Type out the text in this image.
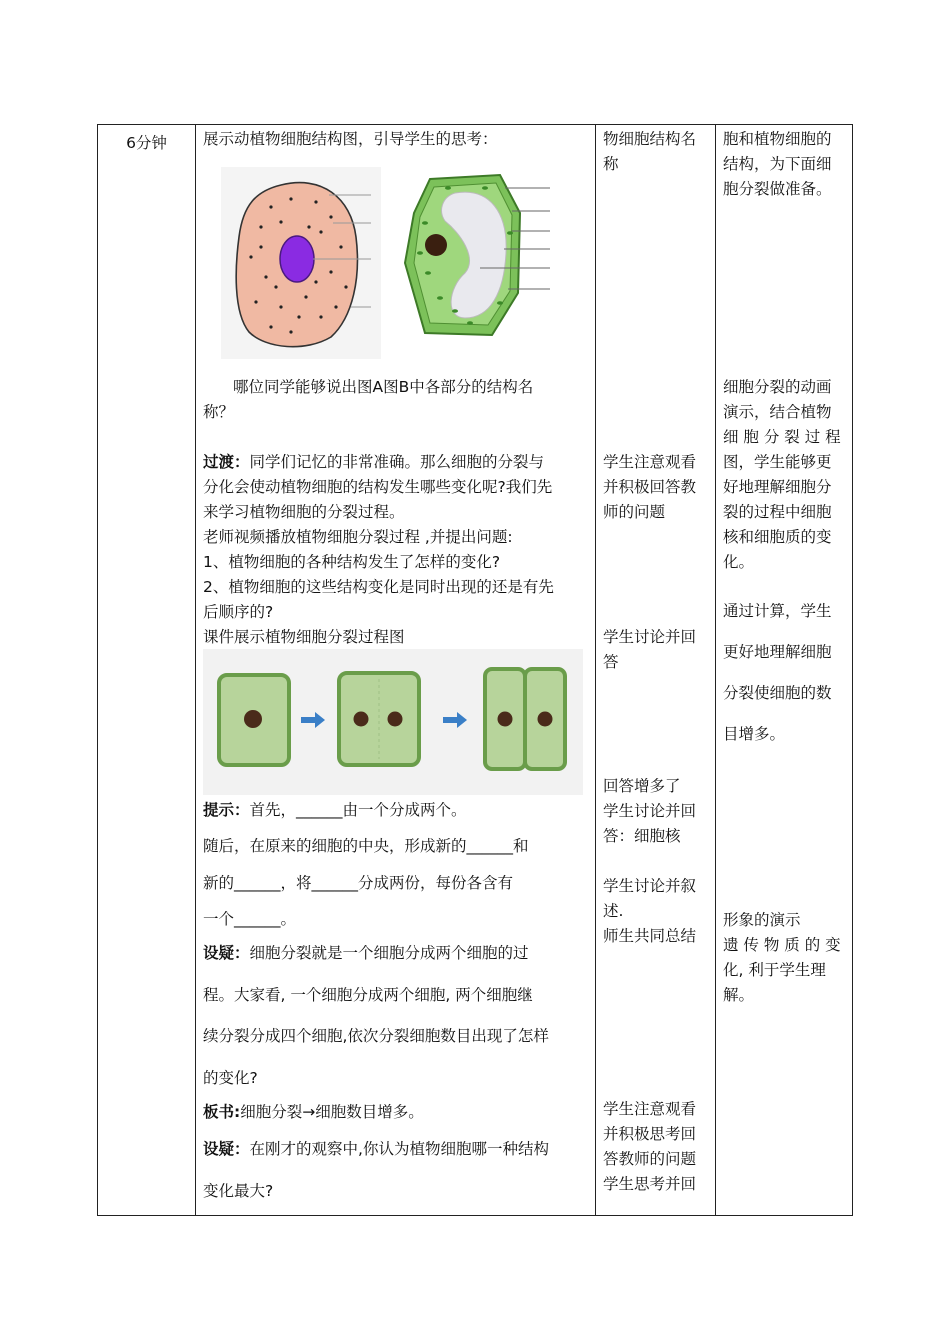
6分钟	展示动植物细胞结构图，引导学生的思考：
哪位同学能够说出图A图B中各部分的结构名
称？
过渡：同学们记忆的非常准确。那么细胞的分裂与
分化会使动植物细胞的结构发生哪些变化呢?我们先
来学习植物细胞的分裂过程。
老师视频播放植物细胞分裂过程 ,并提出问题:
1、植物细胞的各种结构发生了怎样的变化?
2、植物细胞的这些结构变化是同时出现的还是有先
后顺序的?
课件展示植物细胞分裂过程图
提示：首先，______由一个分成两个。
随后，在原来的细胞的中央，形成新的______和
新的______，将______分成两份，每份各含有
一个______。
设疑：细胞分裂就是一个细胞分成两个细胞的过
程。大家看, 一个细胞分成两个细胞, 两个细胞继
续分裂分成四个细胞,依次分裂细胞数目出现了怎样
的变化?
板书:细胞分裂→细胞数目增多。
设疑：在刚才的观察中,你认为植物细胞哪一种结构
变化最大?
物细胞结构名
称
学生注意观看
并积极回答教
师的问题
学生讨论并回
答
回答增多了
学生讨论并回
答：细胞核
学生讨论并叙
述.
师生共同总结
学生注意观看
并积极思考回
答教师的问题
学生思考并回
胞和植物细胞的
结构，为下面细
胞分裂做准备。
细胞分裂的动画
演示，结合植物
细 胞 分 裂 过 程
图，学生能够更
好地理解细胞分
裂的过程中细胞
核和细胞质的变
化。
通过计算，学生
更好地理解细胞
分裂使细胞的数
目增多。
形象的演示
遗 传 物 质 的 变
化, 利于学生理
解。
